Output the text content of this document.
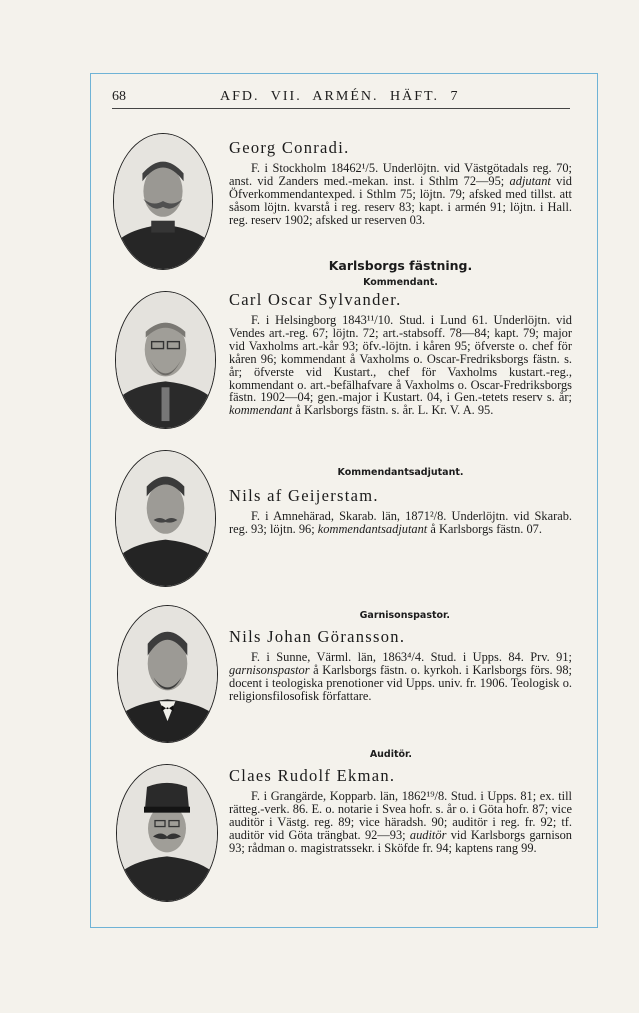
68	AFD. VII. ARMÉN. HÄFT. 7
Georg Conradi.

F. i Stockholm 18462¹/5. Underlöjtn. vid Västgötadals reg. 70; anst. vid Zanders med.-mekan. inst. i Sthlm 72—95; adjutant vid Öfverkommendantexped. i Sthlm 75; löjtn. 79; afsked med tillst. att såsom löjtn. kvarstå i reg. reserv 83; kapt. i armén 91; löjtn. i Hall. reg. reserv 1902; afsked ur reserven 03.

Karlsborgs fästning.
Kommendant.
Carl Oscar Sylvander.

F. i Helsingborg 1843¹¹/10. Stud. i Lund 61. Underlöjtn. vid Vendes art.-reg. 67; löjtn. 72; art.-stabsoff. 78—84; kapt. 79; major vid Vaxholms art.-kår 93; öfv.-löjtn. i kåren 95; öfverste o. chef för kåren 96; kommendant å Vaxholms o. Oscar-Fredriksborgs fästn. s. år; öfverste vid Kustart., chef för Vaxholms kustart.-reg., kommendant o. art.-befälhafvare å Vaxholms o. Oscar-Fredriksborgs fästn. 1902—04; gen.-major i Kustart. 04, i Gen.-tetets reserv s. år; kommendant å Karlsborgs fästn. s. år. L. Kr. V. A. 95.

Kommendantsadjutant.
Nils af Geijerstam.

F. i Amnehärad, Skarab. län, 1871²/8. Underlöjtn. vid Skarab. reg. 93; löjtn. 96; kommendantsadjutant å Karlsborgs fästn. 07.

Garnisonspastor.
Nils Johan Göransson.

F. i Sunne, Värml. län, 1863⁴/4. Stud. i Upps. 84. Prv. 91; garnisonspastor å Karlsborgs fästn. o. kyrkoh. i Karlsborgs förs. 98; docent i teologiska prenotioner vid Upps. univ. fr. 1906. Teologisk o. religionsfilosofisk författare.

Auditör.
Claes Rudolf Ekman.

F. i Grangärde, Kopparb. län, 1862¹⁹/8. Stud. i Upps. 81; ex. till rätteg.-verk. 86. E. o. notarie i Svea hofr. s. år o. i Göta hofr. 87; vice auditör i Västg. reg. 89; vice häradsh. 90; auditör i reg. fr. 92; tf. auditör vid Göta trängbat. 92—93; auditör vid Karlsborgs garnison 93; rådman o. magistratssekr. i Sköfde fr. 94; kaptens rang 99.
